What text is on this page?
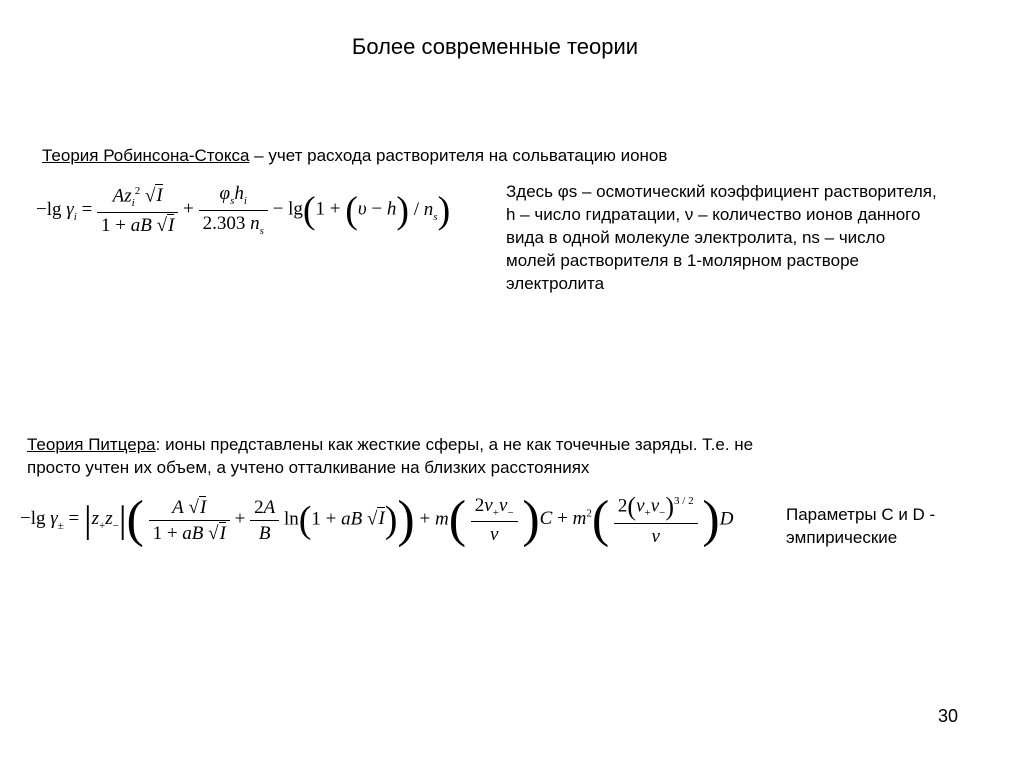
Более современные теории
Теория Робинсона-Стокса – учет расхода растворителя на сольватацию ионов
−lg $\gamma_i = \frac{Az_i^2 √I}{1 + aB √I} + \frac{\varphi_sh_i}{2.303 n_s} - \lg(1 + (\upsilon - h) / n_s)$	Здесь φs – осмотический коэффициент растворителя,
h – число гидратации, ν – количество ионов данного
вида в одной молекуле электролита, ns – число
молей растворителя в 1-молярном растворе
электролита
Теория Питцера: ионы представлены как жесткие сферы, а не как точечные заряды. Т.е. не
просто учтен их объем, а учтено отталкивание на близких расстояниях
−lg $\gamma_\pm = |z_+z_-|( \frac{A √I}{1 + aB √I} + \frac{2A}{B} \ln(1$ + aB $√I)) + m( \frac{2\nu_+\nu_-}{\nu} )C + m^2( \frac{2(\nu_+\nu_-)^{3 / 2}}{\nu} )D$	Параметры C и D -
эмпирические
30
